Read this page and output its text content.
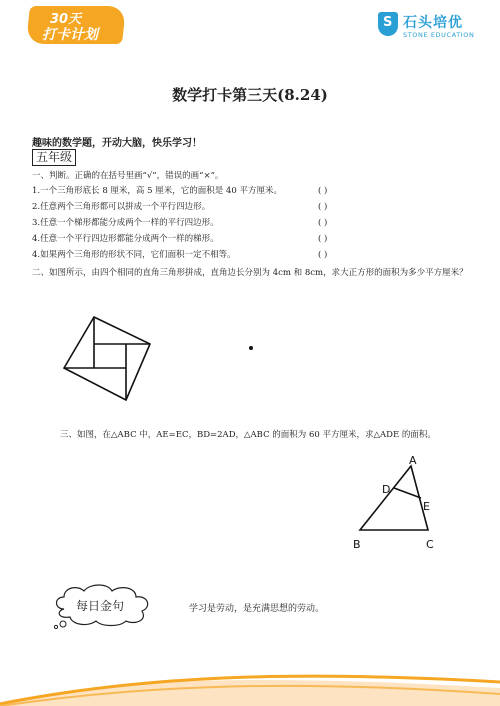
30天
打卡计划
S 石头培优
STONE EDUCATION
数学打卡第三天(8.24)
趣味的数学题，开动大脑，快乐学习！
五年级
一、判断。正确的在括号里画“√”，错误的画“×”。
1.一个三角形底长 8 厘米，高 5 厘米，它的面积是 40 平方厘米。	( )
2.任意两个三角形都可以拼成一个平行四边形。	( )
3.任意一个梯形都能分成两个一样的平行四边形。	( )
4.任意一个平行四边形都能分成两个一样的梯形。	( )
4.如果两个三角形的形状不同，它们面积一定不相等。	( )
二、如图所示，由四个相同的直角三角形拼成，直角边长分别为 4cm 和 8cm，求大正方形的面积为多少平方厘米？
三、如图，在△ABC 中，AE=EC，BD=2AD，△ABC 的面积为 60 平方厘米，求△ADE 的面积。
A
D
E
B	C
每日金句	学习是劳动，是充满思想的劳动。
